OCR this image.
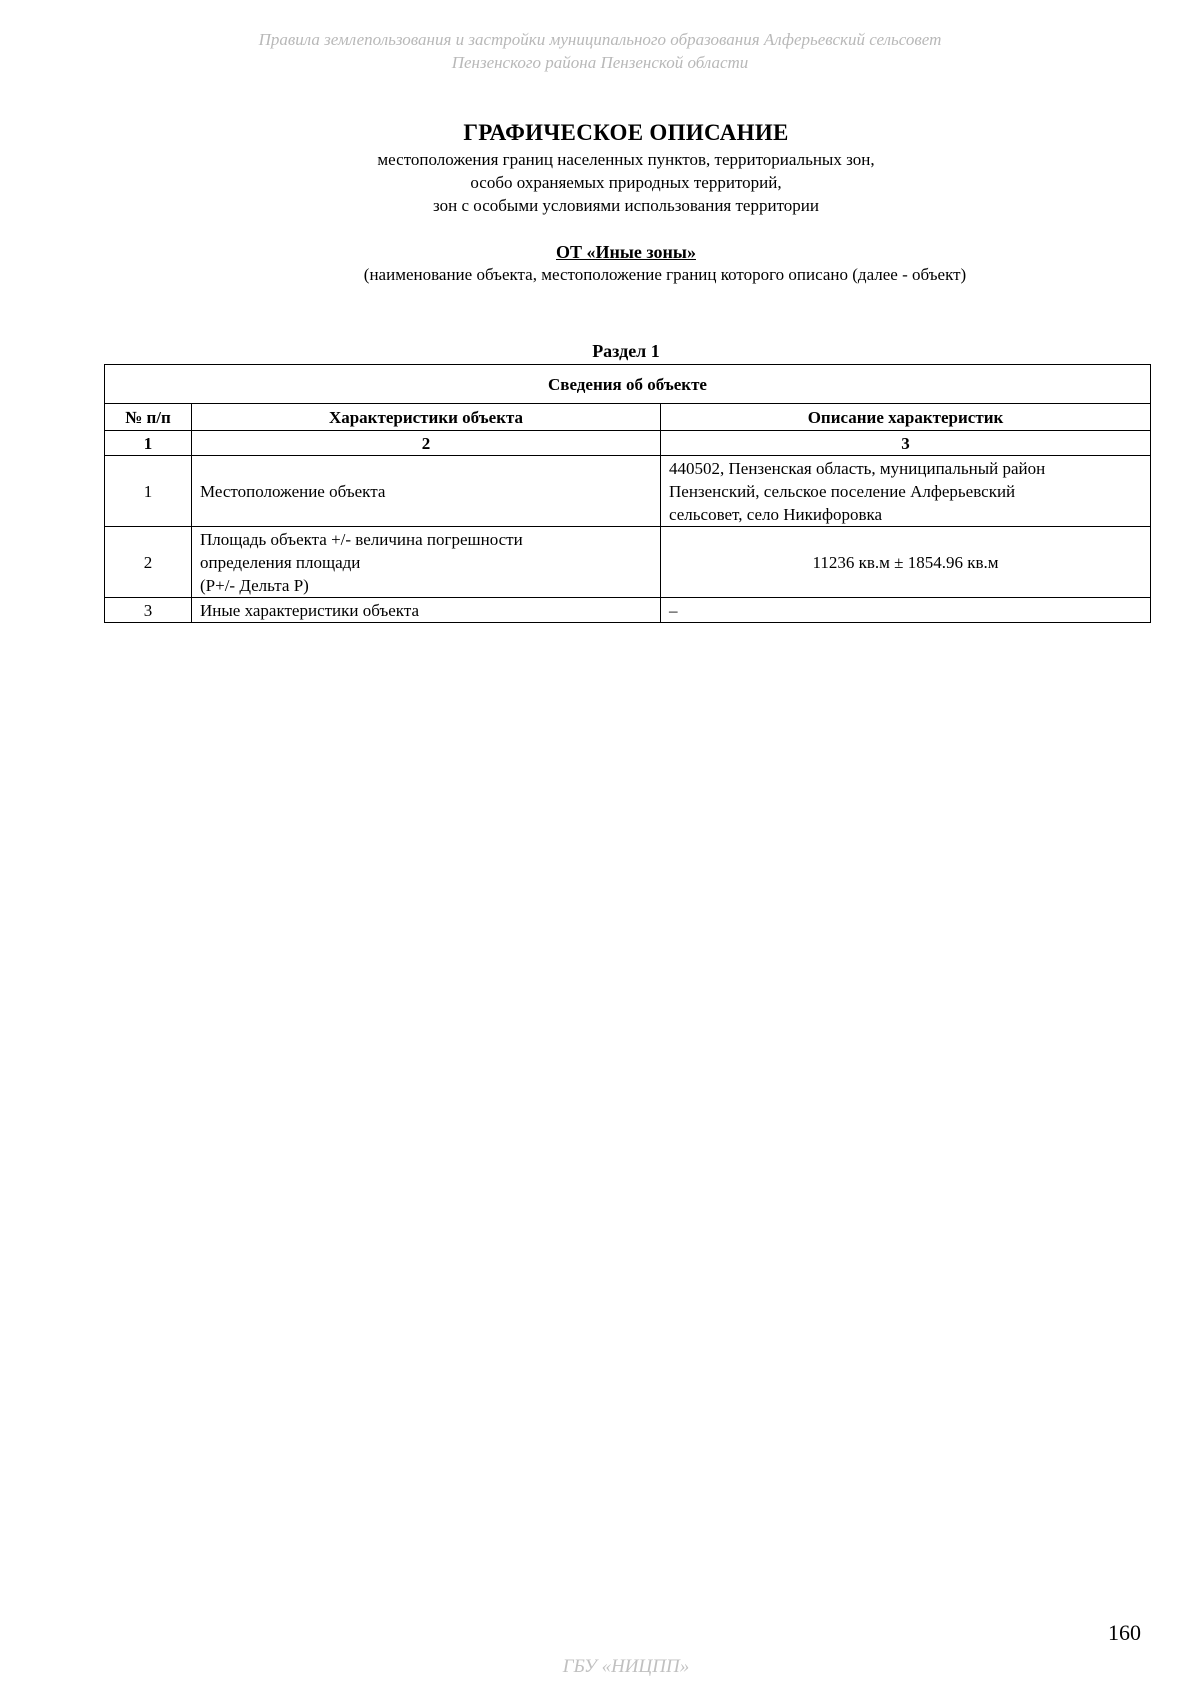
Правила землепользования и застройки муниципального образования Алферьевский сельсовет
Пензенского района Пензенской области
ГРАФИЧЕСКОЕ ОПИСАНИЕ
местоположения границ населенных пунктов, территориальных зон,
особо охраняемых природных территорий,
зон с особыми условиями использования территории
ОТ «Иные зоны»
(наименование объекта, местоположение границ которого описано (далее - объект)
Раздел 1
Сведения об объекте		
№ п/п	Характеристики объекта	Описание характеристик
1	2	3
1	Местоположение объекта	440502, Пензенская область, муниципальный район
Пензенский, сельское поселение Алферьевский
сельсовет, село Никифоровка

2	Площадь объекта +/- величина погрешности
определения площади
(P+/- Дельта P)	11236 кв.м ± 1854.96 кв.м

3	Иные характеристики объекта	–
160
ГБУ «НИЦПП»
